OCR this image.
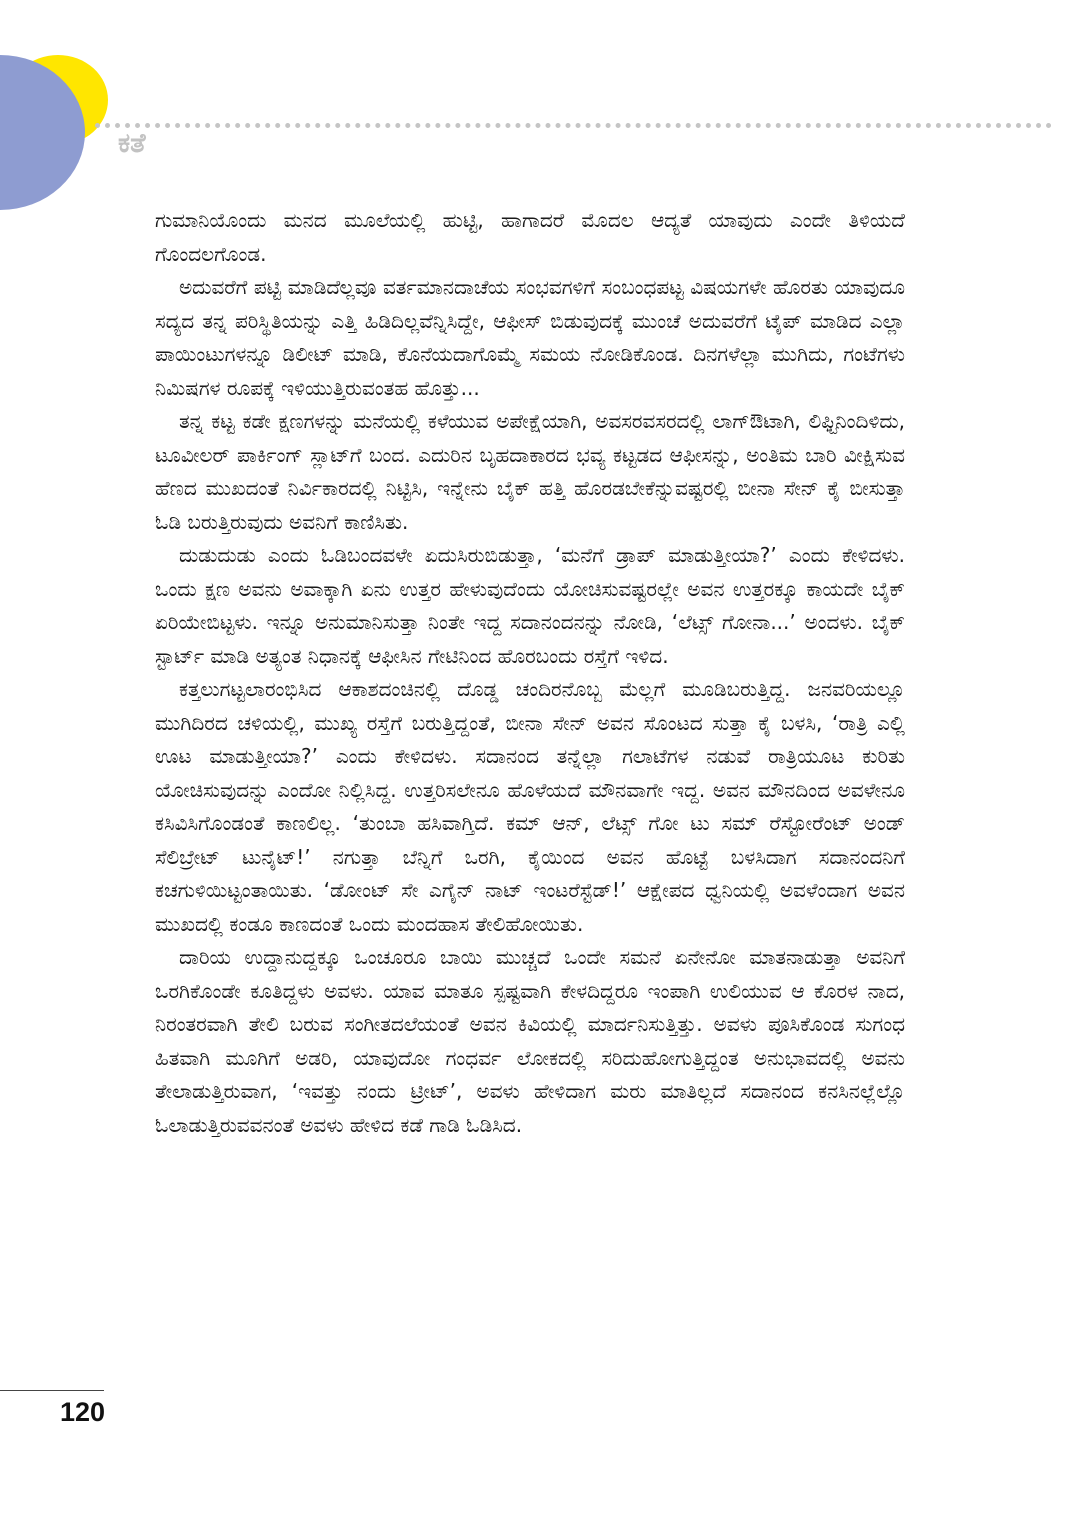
ಕತೆ

ಗುಮಾನಿಯೊಂದು ಮನದ ಮೂಲೆಯಲ್ಲಿ ಹುಟ್ಟಿ, ಹಾಗಾದರೆ ಮೊದಲ ಆದ್ಯತೆ ಯಾವುದು ಎಂದೇ ತಿಳಿಯದೆ ಗೊಂದಲಗೊಂಡ.

ಅದುವರೆಗೆ ಪಟ್ಟಿ ಮಾಡಿದೆಲ್ಲವೂ ವರ್ತಮಾನದಾಚೆಯ ಸಂಭವಗಳಿಗೆ ಸಂಬಂಧಪಟ್ಟ ವಿಷಯಗಳೇ ಹೊರತು ಯಾವುದೂ ಸದ್ಯದ ತನ್ನ ಪರಿಸ್ಥಿತಿಯನ್ನು ಎತ್ತಿ ಹಿಡಿದಿಲ್ಲವೆನ್ನಿಸಿದ್ದೇ, ಆಫೀಸ್ ಬಿಡುವುದಕ್ಕೆ ಮುಂಚೆ ಅದುವರೆಗೆ ಟೈಪ್ ಮಾಡಿದ ಎಲ್ಲಾ ಪಾಯಿಂಟುಗಳನ್ನೂ ಡಿಲೀಟ್ ಮಾಡಿ, ಕೊನೆಯದಾಗೊಮ್ಮೆ ಸಮಯ ನೋಡಿಕೊಂಡ. ದಿನಗಳೆಲ್ಲಾ ಮುಗಿದು, ಗಂಟೆಗಳು ನಿಮಿಷಗಳ ರೂಪಕ್ಕೆ ಇಳಿಯುತ್ತಿರುವಂತಹ ಹೊತ್ತು...

ತನ್ನ ಕಟ್ಟ ಕಡೇ ಕ್ಷಣಗಳನ್ನು ಮನೆಯಲ್ಲಿ ಕಳೆಯುವ ಅಪೇಕ್ಷೆಯಾಗಿ, ಅವಸರವಸರದಲ್ಲಿ ಲಾಗ್‌ಔಟಾಗಿ, ಲಿಫ್ಟಿನಿಂದಿಳಿದು, ಟೂವೀಲರ್ ಪಾರ್ಕಿಂಗ್ ಸ್ಲಾಟ್‌ಗೆ ಬಂದ. ಎದುರಿನ ಬೃಹದಾಕಾರದ ಭವ್ಯ ಕಟ್ಟಡದ ಆಫೀಸನ್ನು, ಅಂತಿಮ ಬಾರಿ ವೀಕ್ಷಿಸುವ ಹೆಣದ ಮುಖದಂತೆ ನಿರ್ವಿಕಾರದಲ್ಲಿ ನಿಟ್ಟಿಸಿ, ಇನ್ನೇನು ಬೈಕ್ ಹತ್ತಿ ಹೊರಡಬೇಕೆನ್ನುವಷ್ಟರಲ್ಲಿ ಬೀನಾ ಸೇನ್ ಕೈ ಬೀಸುತ್ತಾ ಓಡಿ ಬರುತ್ತಿರುವುದು ಅವನಿಗೆ ಕಾಣಿಸಿತು.

ದುಡುದುಡು ಎಂದು ಓಡಿಬಂದವಳೇ ಏದುಸಿರುಬಿಡುತ್ತಾ, ‘ಮನೆಗೆ ಡ್ರಾಪ್ ಮಾಡುತ್ತೀಯಾ?’ ಎಂದು ಕೇಳಿದಳು. ಒಂದು ಕ್ಷಣ ಅವನು ಅವಾಕ್ಕಾಗಿ ಏನು ಉತ್ತರ ಹೇಳುವುದೆಂದು ಯೋಚಿಸುವಷ್ಟರಲ್ಲೇ ಅವನ ಉತ್ತರಕ್ಕೂ ಕಾಯದೇ ಬೈಕ್ ಏರಿಯೇಬಿಟ್ಟಳು. ಇನ್ನೂ ಅನುಮಾನಿಸುತ್ತಾ ನಿಂತೇ ಇದ್ದ ಸದಾನಂದನನ್ನು ನೋಡಿ, ‘ಲೆಟ್ಸ್ ಗೋನಾ...’ ಅಂದಳು. ಬೈಕ್ ಸ್ಟಾರ್ಟ್ ಮಾಡಿ ಅತ್ಯಂತ ನಿಧಾನಕ್ಕೆ ಆಫೀಸಿನ ಗೇಟಿನಿಂದ ಹೊರಬಂದು ರಸ್ತೆಗೆ ಇಳಿದ.

ಕತ್ತಲುಗಟ್ಟಲಾರಂಭಿಸಿದ ಆಕಾಶದಂಚಿನಲ್ಲಿ ದೊಡ್ಡ ಚಂದಿರನೊಬ್ಬ ಮೆಲ್ಲಗೆ ಮೂಡಿಬರುತ್ತಿದ್ದ. ಜನವರಿಯಲ್ಲೂ ಮುಗಿದಿರದ ಚಳಿಯಲ್ಲಿ, ಮುಖ್ಯ ರಸ್ತೆಗೆ ಬರುತ್ತಿದ್ದಂತೆ, ಬೀನಾ ಸೇನ್ ಅವನ ಸೊಂಟದ ಸುತ್ತಾ ಕೈ ಬಳಸಿ, ‘ರಾತ್ರಿ ಎಲ್ಲಿ ಊಟ ಮಾಡುತ್ತೀಯಾ?’ ಎಂದು ಕೇಳಿದಳು. ಸದಾನಂದ ತನ್ನೆಲ್ಲಾ ಗಲಾಟೆಗಳ ನಡುವೆ ರಾತ್ರಿಯೂಟ ಕುರಿತು ಯೋಚಿಸುವುದನ್ನು ಎಂದೋ ನಿಲ್ಲಿಸಿದ್ದ. ಉತ್ತರಿಸಲೇನೂ ಹೊಳೆಯದೆ ಮೌನವಾಗೇ ಇದ್ದ. ಅವನ ಮೌನದಿಂದ ಅವಳೇನೂ ಕಸಿವಿಸಿಗೊಂಡಂತೆ ಕಾಣಲಿಲ್ಲ. ‘ತುಂಬಾ ಹಸಿವಾಗ್ತಿದೆ. ಕಮ್ ಆನ್, ಲೆಟ್ಸ್ ಗೋ ಟು ಸಮ್ ರೆಸ್ಟೋರೆಂಟ್ ಅಂಡ್ ಸೆಲಿಬ್ರೇಟ್ ಟುನೈಟ್!’ ನಗುತ್ತಾ ಬೆನ್ನಿಗೆ ಒರಗಿ, ಕೈಯಿಂದ ಅವನ ಹೊಟ್ಟೆ ಬಳಸಿದಾಗ ಸದಾನಂದನಿಗೆ ಕಚಗುಳಿಯಿಟ್ಟಂತಾಯಿತು. ‘ಡೋಂಟ್ ಸೇ ಎಗೈನ್ ನಾಟ್ ಇಂಟರೆಸ್ಟೆಡ್!’ ಆಕ್ಷೇಪದ ಧ್ವನಿಯಲ್ಲಿ ಅವಳೆಂದಾಗ ಅವನ ಮುಖದಲ್ಲಿ ಕಂಡೂ ಕಾಣದಂತೆ ಒಂದು ಮಂದಹಾಸ ತೇಲಿಹೋಯಿತು.

ದಾರಿಯ ಉದ್ದಾನುದ್ದಕ್ಕೂ ಒಂಚೂರೂ ಬಾಯಿ ಮುಚ್ಚದೆ ಒಂದೇ ಸಮನೆ ಏನೇನೋ ಮಾತನಾಡುತ್ತಾ ಅವನಿಗೆ ಒರಗಿಕೊಂಡೇ ಕೂತಿದ್ದಳು ಅವಳು. ಯಾವ ಮಾತೂ ಸ್ಪಷ್ಟವಾಗಿ ಕೇಳದಿದ್ದರೂ ಇಂಪಾಗಿ ಉಲಿಯುವ ಆ ಕೊರಳ ನಾದ, ನಿರಂತರವಾಗಿ ತೇಲಿ ಬರುವ ಸಂಗೀತದಲೆಯಂತೆ ಅವನ ಕಿವಿಯಲ್ಲಿ ಮಾರ್ದನಿಸುತ್ತಿತ್ತು. ಅವಳು ಪೂಸಿಕೊಂಡ ಸುಗಂಧ ಹಿತವಾಗಿ ಮೂಗಿಗೆ ಅಡರಿ, ಯಾವುದೋ ಗಂಧರ್ವ ಲೋಕದಲ್ಲಿ ಸರಿದುಹೋಗುತ್ತಿದ್ದಂತ ಅನುಭಾವದಲ್ಲಿ ಅವನು ತೇಲಾಡುತ್ತಿರುವಾಗ, ‘ಇವತ್ತು ನಂದು ಟ್ರೀಟ್’, ಅವಳು ಹೇಳಿದಾಗ ಮರು ಮಾತಿಲ್ಲದೆ ಸದಾನಂದ ಕನಸಿನಲ್ಲೆಲ್ಲೊ ಓಲಾಡುತ್ತಿರುವವನಂತೆ ಅವಳು ಹೇಳಿದ ಕಡೆ ಗಾಡಿ ಓಡಿಸಿದ.

120
